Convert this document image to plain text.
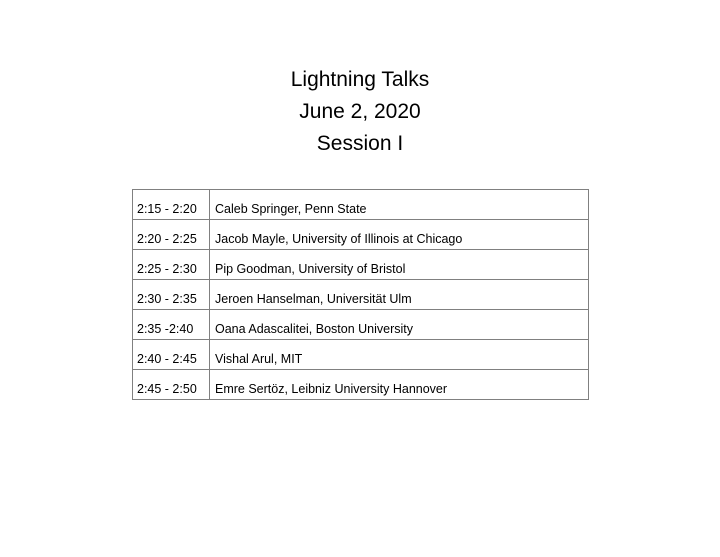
Lightning Talks
June 2, 2020
Session I
2:15 - 2:20	Caleb Springer, Penn State
2:20 - 2:25	Jacob Mayle, University of Illinois at Chicago
2:25 - 2:30	Pip Goodman, University of Bristol
2:30 - 2:35	Jeroen Hanselman, Universität Ulm
2:35 -2:40	Oana Adascalitei, Boston University
2:40 - 2:45	Vishal Arul, MIT
2:45 - 2:50	Emre Sertöz, Leibniz University Hannover
